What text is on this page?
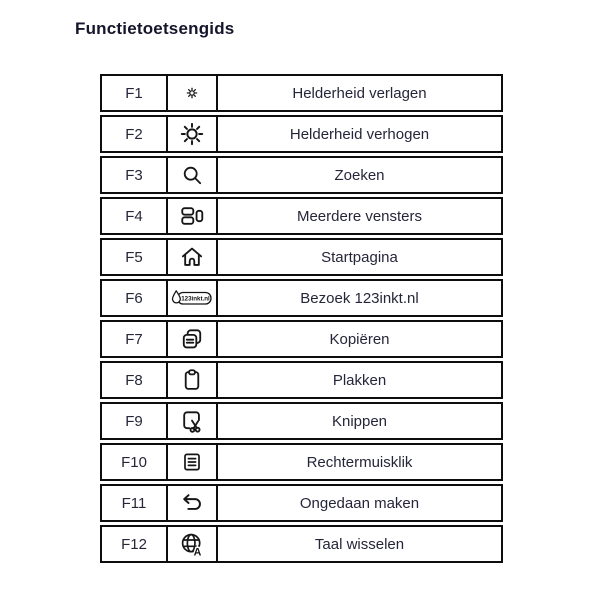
Functietoetsengids
F1	Helderheid verlagen
F2	Helderheid verhogen
F3	Zoeken
F4	Meerdere vensters
F5	Startpagina
F6	123inkt.nl	Bezoek 123inkt.nl
F7	Kopiëren
F8	Plakken
F9	Knippen
F10	Rechtermuisklik
F11	Ongedaan maken
F12	A	Taal wisselen
